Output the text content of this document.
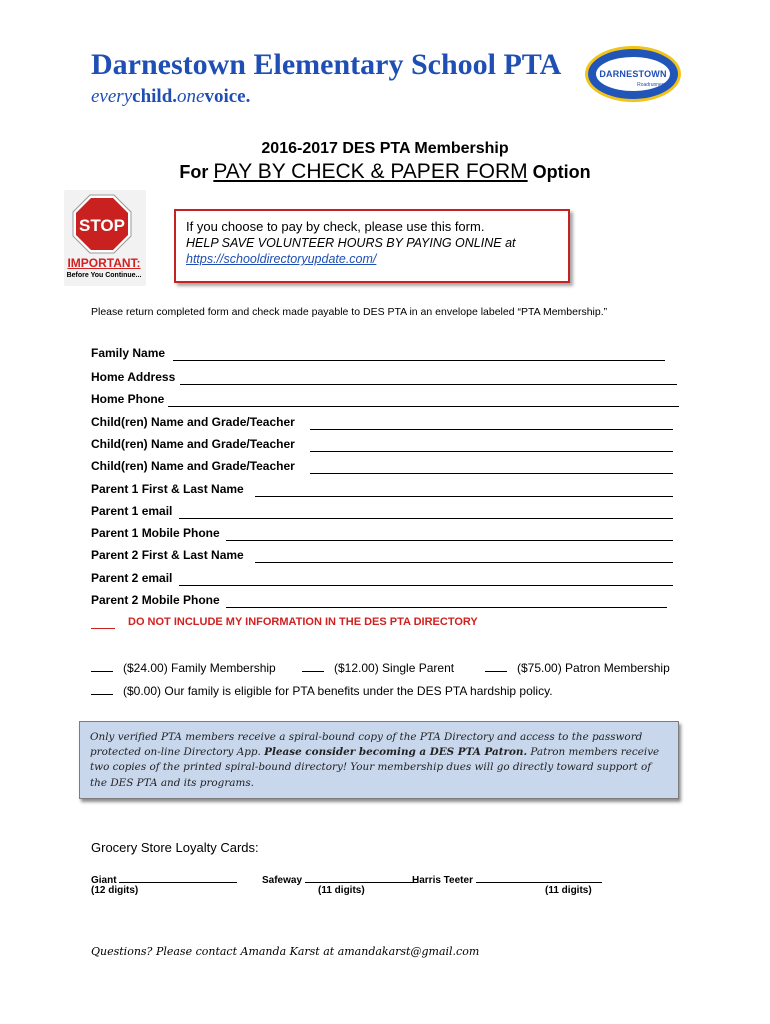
Darnestown Elementary School PTA
everychild.onevoice.
DARNESTOWN
Roadrunners
2016-2017 DES PTA Membership
For PAY BY CHECK & PAPER FORM Option
STOP
IMPORTANT:
Before You Continue...
If you choose to pay by check, please use this form.
HELP SAVE VOLUNTEER HOURS BY PAYING ONLINE at
https://schooldirectoryupdate.com/
Please return completed form and check made payable to DES PTA in an envelope labeled “PTA Membership.”
Family Name
Home Address
Home Phone
Child(ren) Name and Grade/Teacher
Child(ren) Name and Grade/Teacher
Child(ren) Name and Grade/Teacher
Parent 1 First & Last Name
Parent 1 email
Parent 1 Mobile Phone
Parent 2 First & Last Name
Parent 2 email
Parent 2 Mobile Phone
DO NOT INCLUDE MY INFORMATION IN THE DES PTA DIRECTORY
($24.00) Family Membership	($12.00) Single Parent	($75.00) Patron Membership
($0.00) Our family is eligible for PTA benefits under the DES PTA hardship policy.
Only verified PTA members receive a spiral-bound copy of the PTA Directory and access to the password protected on-line Directory App. Please consider becoming a DES PTA Patron. Patron members receive two copies of the printed spiral-bound directory! Your membership dues will go directly toward support of the DES PTA and its programs.
Grocery Store Loyalty Cards:
Giant
(12 digits)
Safeway
(11 digits)
Harris Teeter
(11 digits)
Questions? Please contact Amanda Karst at amandakarst@gmail.com
